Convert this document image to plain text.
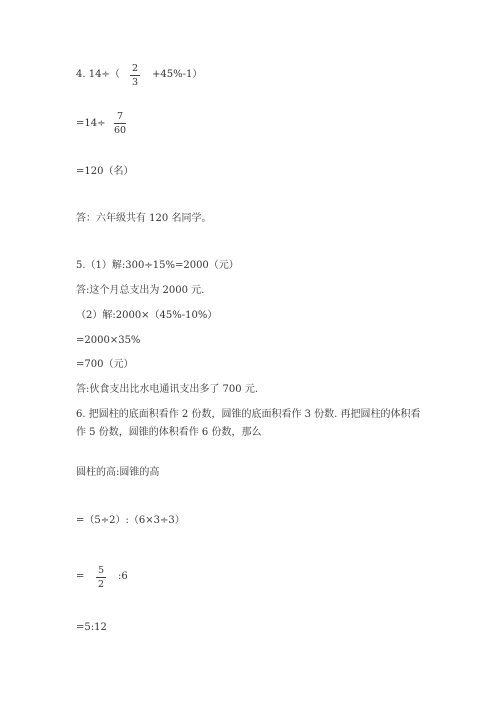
4. 14÷（
2
3
+45%-1）
=14÷
7
60
=120（名）
答：六年级共有 120 名同学。
5.（1）解:300÷15%=2000（元）
答:这个月总支出为 2000 元.
（2）解:2000×（45%-10%）
=2000×35%
=700（元）
答:伙食支出比水电通讯支出多了 700 元.
6. 把圆柱的底面积看作 2 份数，圆锥的底面积看作 3 份数. 再把圆柱的体积看作 5 份数，圆锥的体积看作 6 份数，那么
圆柱的高:圆锥的高
=（5÷2）:（6×3÷3）
=
5
2
:6
=5:12
